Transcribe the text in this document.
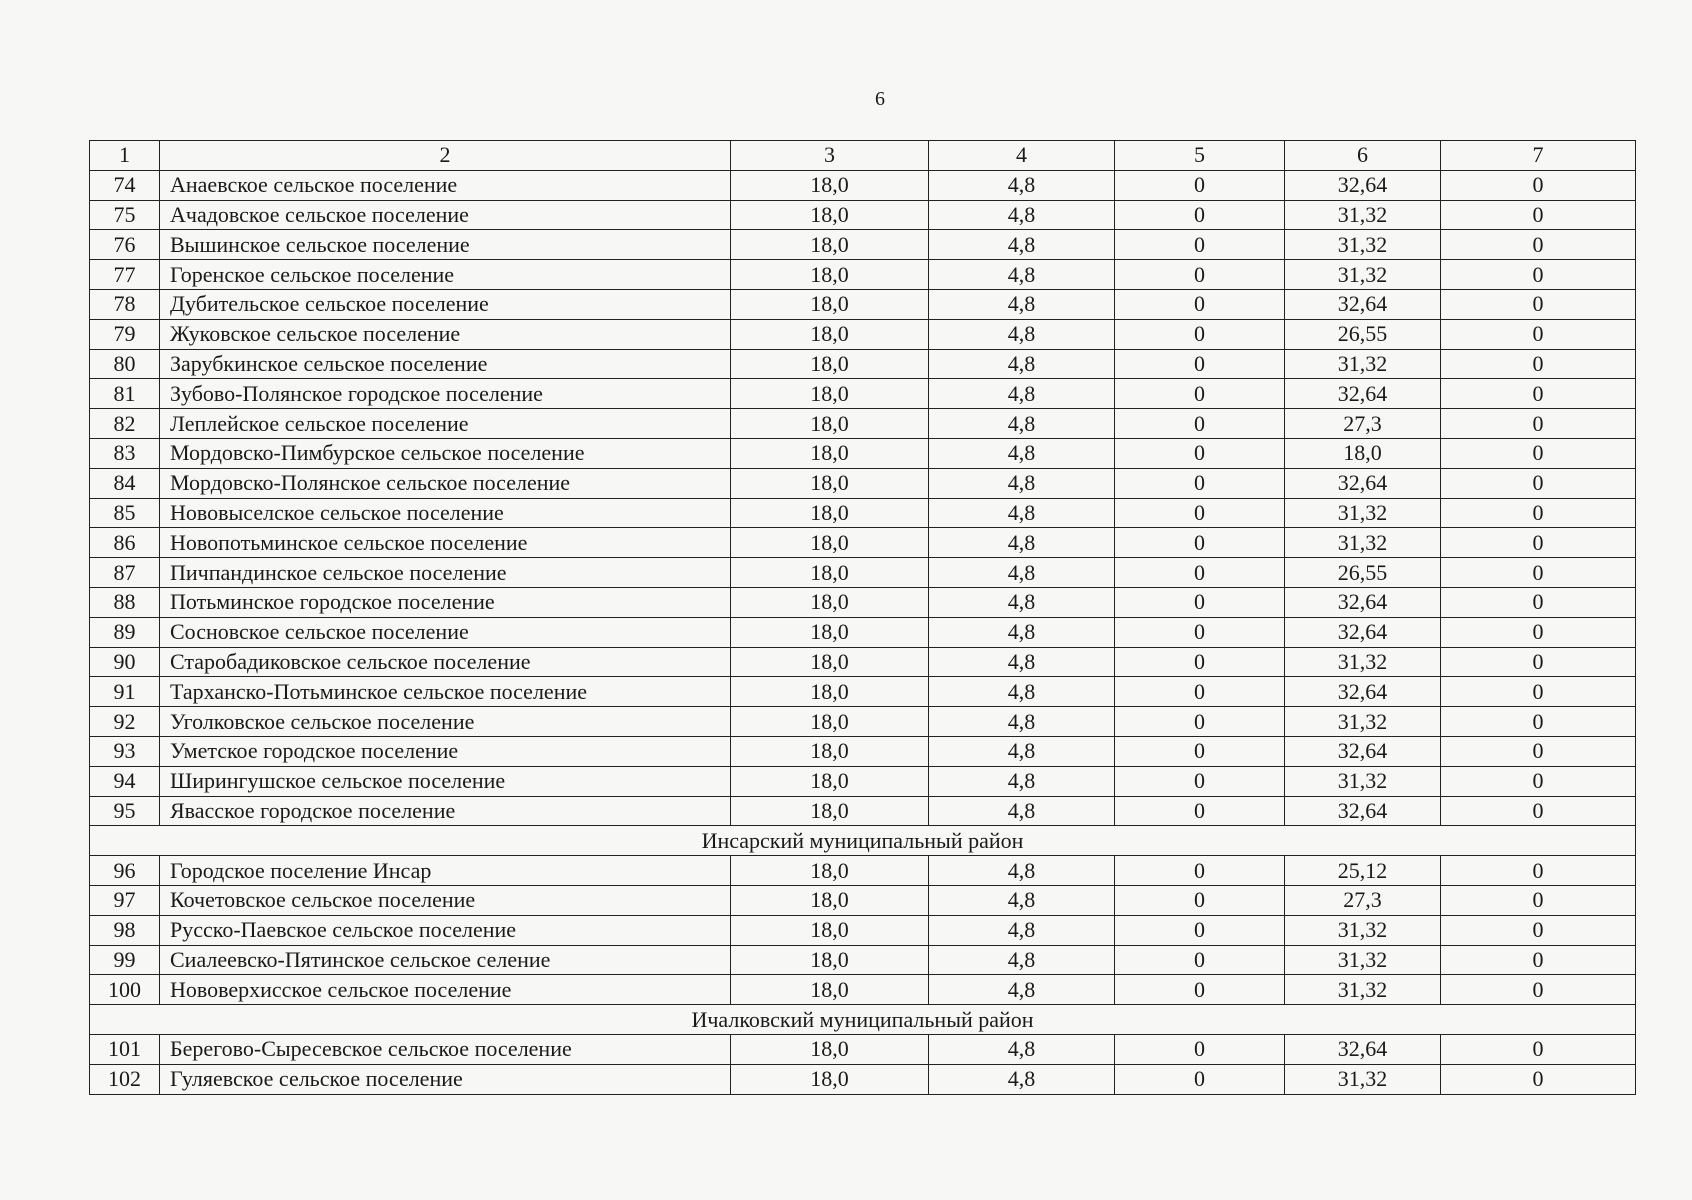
6
1	2	3	4	5	6	7
74	Анаевское сельское поселение	18,0	4,8	0	32,64	0
75	Ачадовское сельское поселение	18,0	4,8	0	31,32	0
76	Вышинское сельское поселение	18,0	4,8	0	31,32	0
77	Горенское сельское поселение	18,0	4,8	0	31,32	0
78	Дубительское сельское поселение	18,0	4,8	0	32,64	0
79	Жуковское сельское поселение	18,0	4,8	0	26,55	0
80	Зарубкинское сельское поселение	18,0	4,8	0	31,32	0
81	Зубово-Полянское городское поселение	18,0	4,8	0	32,64	0
82	Леплейское сельское поселение	18,0	4,8	0	27,3	0
83	Мордовско-Пимбурское сельское поселение	18,0	4,8	0	18,0	0
84	Мордовско-Полянское сельское поселение	18,0	4,8	0	32,64	0
85	Нововыселское сельское поселение	18,0	4,8	0	31,32	0
86	Новопотьминское сельское поселение	18,0	4,8	0	31,32	0
87	Пичпандинское сельское поселение	18,0	4,8	0	26,55	0
88	Потьминское городское поселение	18,0	4,8	0	32,64	0
89	Сосновское сельское поселение	18,0	4,8	0	32,64	0
90	Старобадиковское сельское поселение	18,0	4,8	0	31,32	0
91	Тарханско-Потьминское сельское поселение	18,0	4,8	0	32,64	0
92	Уголковское сельское поселение	18,0	4,8	0	31,32	0
93	Уметское городское поселение	18,0	4,8	0	32,64	0
94	Ширингушское сельское поселение	18,0	4,8	0	31,32	0
95	Явасское городское поселение	18,0	4,8	0	32,64	0
Инсарский муниципальный район						
96	Городское поселение Инсар	18,0	4,8	0	25,12	0
97	Кочетовское сельское поселение	18,0	4,8	0	27,3	0
98	Русско-Паевское сельское поселение	18,0	4,8	0	31,32	0
99	Сиалеевско-Пятинское сельское селение	18,0	4,8	0	31,32	0
100	Нововерхисское сельское поселение	18,0	4,8	0	31,32	0
Ичалковский муниципальный район						
101	Берегово-Сыресевское сельское поселение	18,0	4,8	0	32,64	0
102	Гуляевское сельское поселение	18,0	4,8	0	31,32	0
